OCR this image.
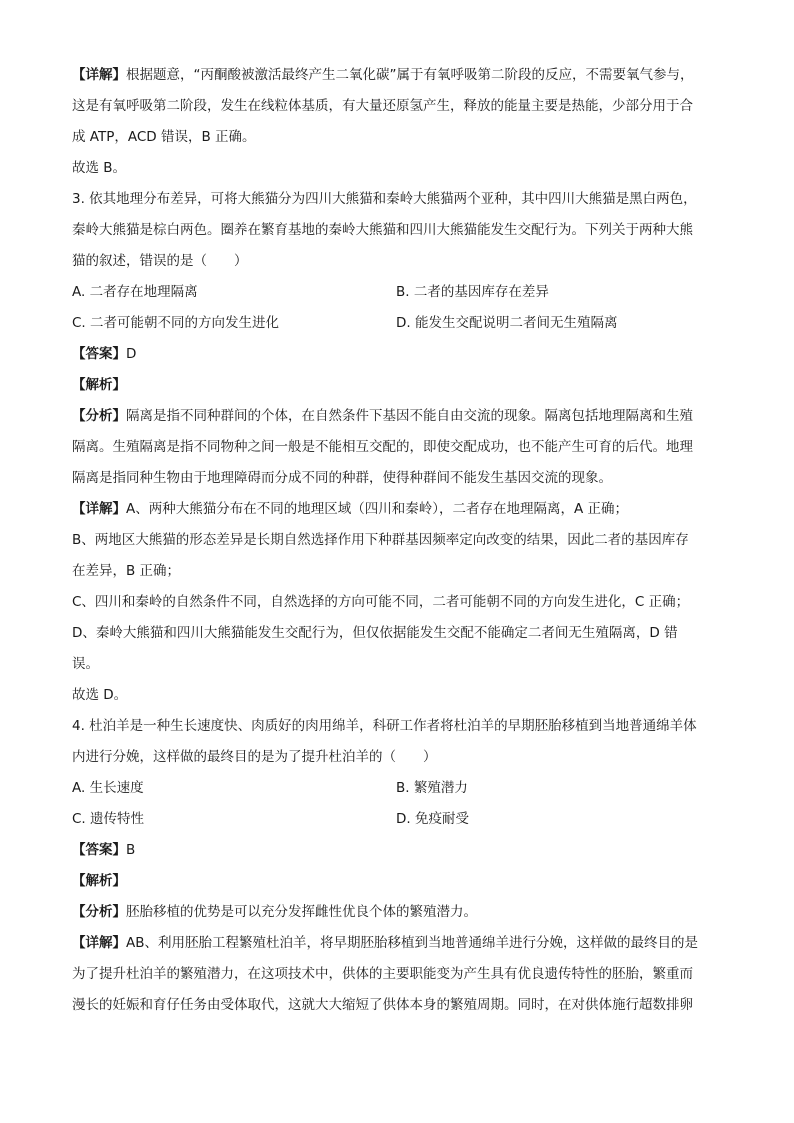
【详解】根据题意，“丙酮酸被激活最终产生二氧化碳”属于有氧呼吸第二阶段的反应，不需要氧气参与，
这是有氧呼吸第二阶段，发生在线粒体基质，有大量还原氢产生，释放的能量主要是热能，少部分用于合
成 ATP，ACD 错误，B 正确。
故选 B。
3. 依其地理分布差异，可将大熊猫分为四川大熊猫和秦岭大熊猫两个亚种，其中四川大熊猫是黑白两色，
秦岭大熊猫是棕白两色。圈养在繁育基地的秦岭大熊猫和四川大熊猫能发生交配行为。下列关于两种大熊
猫的叙述，错误的是（　　）
A. 二者存在地理隔离	B. 二者的基因库存在差异
C. 二者可能朝不同的方向发生进化	D. 能发生交配说明二者间无生殖隔离
【答案】D
【解析】
【分析】隔离是指不同种群间的个体，在自然条件下基因不能自由交流的现象。隔离包括地理隔离和生殖
隔离。生殖隔离是指不同物种之间一般是不能相互交配的，即使交配成功，也不能产生可育的后代。地理
隔离是指同种生物由于地理障碍而分成不同的种群，使得种群间不能发生基因交流的现象。
【详解】A、两种大熊猫分布在不同的地理区域（四川和秦岭），二者存在地理隔离，A 正确；
B、两地区大熊猫的形态差异是长期自然选择作用下种群基因频率定向改变的结果，因此二者的基因库存
在差异，B 正确；
C、四川和秦岭的自然条件不同，自然选择的方向可能不同，二者可能朝不同的方向发生进化，C 正确；
D、秦岭大熊猫和四川大熊猫能发生交配行为，但仅依据能发生交配不能确定二者间无生殖隔离，D 错
误。
故选 D。
4. 杜泊羊是一种生长速度快、肉质好的肉用绵羊，科研工作者将杜泊羊的早期胚胎移植到当地普通绵羊体
内进行分娩，这样做的最终目的是为了提升杜泊羊的（　　）
A. 生长速度	B. 繁殖潜力
C. 遗传特性	D. 免疫耐受
【答案】B
【解析】
【分析】胚胎移植的优势是可以充分发挥雌性优良个体的繁殖潜力。
【详解】AB、利用胚胎工程繁殖杜泊羊，将早期胚胎移植到当地普通绵羊进行分娩，这样做的最终目的是
为了提升杜泊羊的繁殖潜力，在这项技术中，供体的主要职能变为产生具有优良遗传特性的胚胎，繁重而
漫长的妊娠和育仔任务由受体取代，这就大大缩短了供体本身的繁殖周期。同时，在对供体施行超数排卵
